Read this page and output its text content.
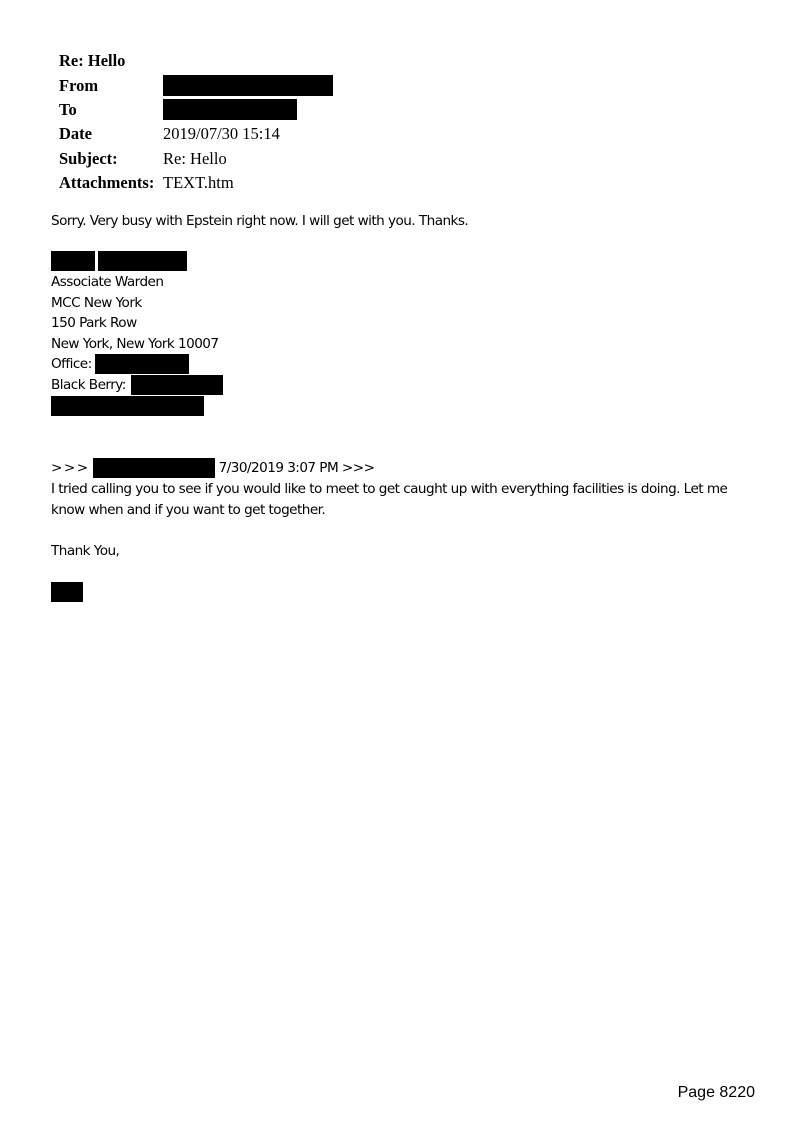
Re: Hello
From
To
Date	2019/07/30 15:14
Subject:	Re: Hello
Attachments: TEXT.htm
Sorry. Very busy with Epstein right now. I will get with you. Thanks.
Associate Warden
MCC New York
150 Park Row
New York, New York 10007
Office:
Black Berry:
>>>	7/30/2019 3:07 PM >>>
I tried calling you to see if you would like to meet to get caught up with everything facilities is doing. Let me know when and if you want to get together.
Thank You,
Page 8220
